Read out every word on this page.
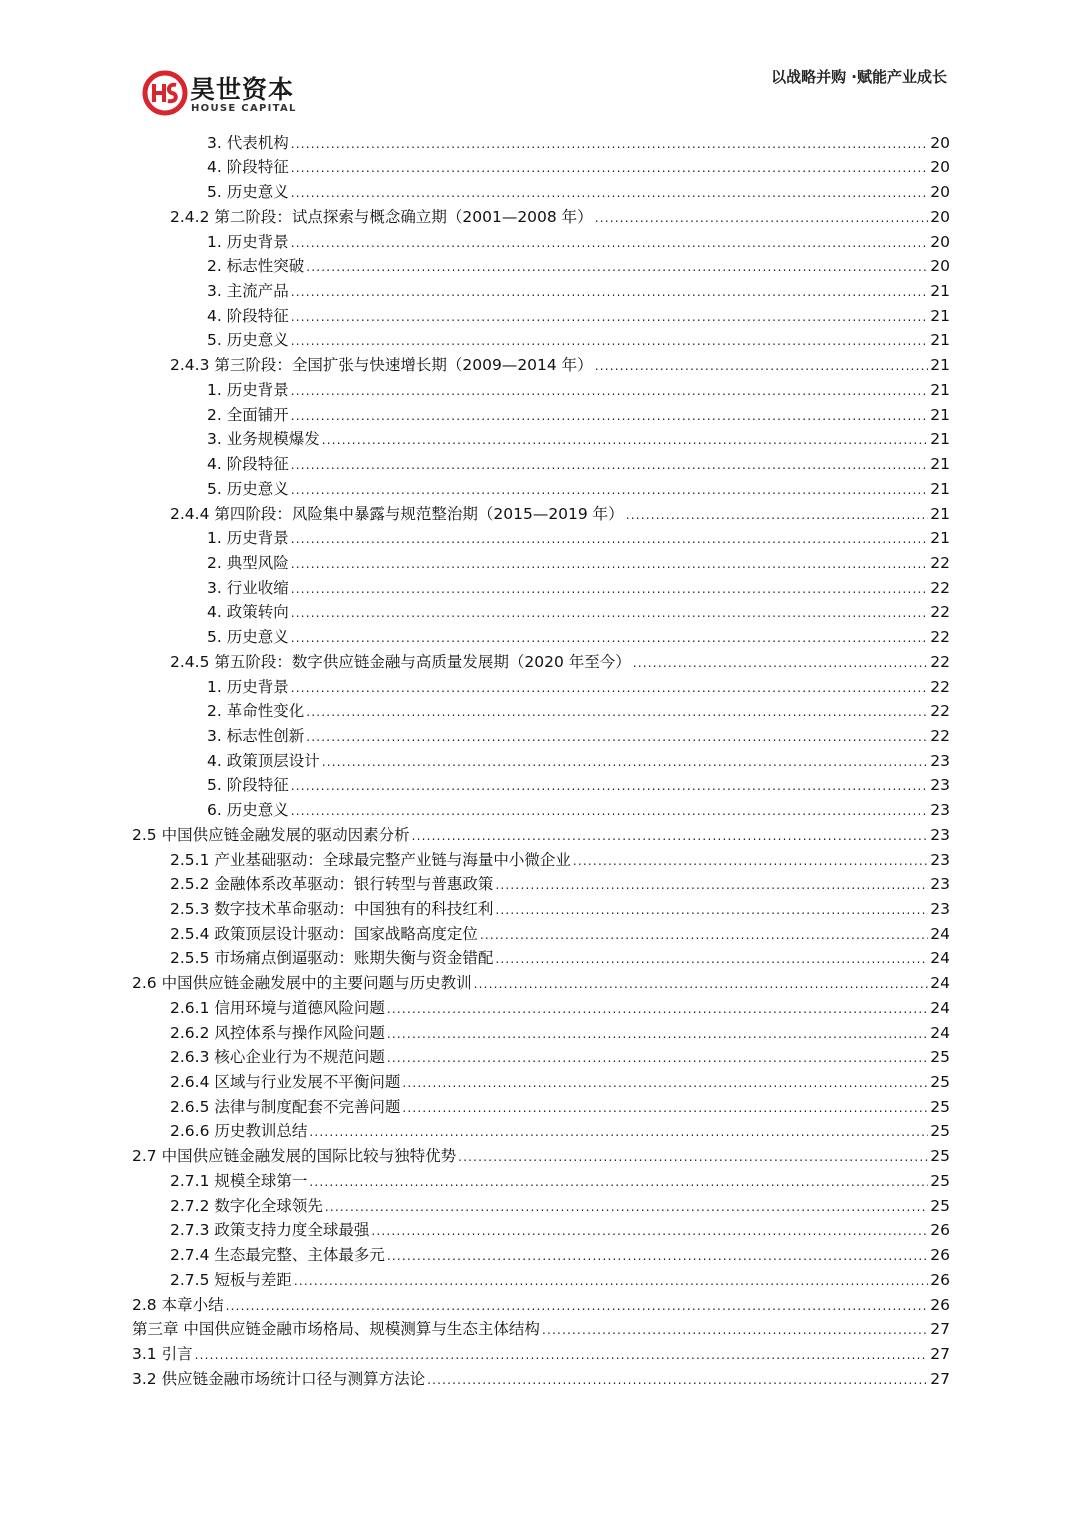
昊世资本
HOUSE CAPITAL
以战略并购 ·赋能产业成长
3. 代表机构 .....	20
4. 阶段特征 .....	20
5. 历史意义 .....	20
2.4.2 第二阶段：试点探索与概念确立期（2001—2008 年） .....	20
1. 历史背景 .....	20
2. 标志性突破 .....	20
3. 主流产品 .....	21
4. 阶段特征 .....	21
5. 历史意义 .....	21
2.4.3 第三阶段：全国扩张与快速增长期（2009—2014 年） .....	21
1. 历史背景 .....	21
2. 全面铺开 .....	21
3. 业务规模爆发 .....	21
4. 阶段特征 .....	21
5. 历史意义 .....	21
2.4.4 第四阶段：风险集中暴露与规范整治期（2015—2019 年） .....	21
1. 历史背景 .....	21
2. 典型风险 .....	22
3. 行业收缩 .....	22
4. 政策转向 .....	22
5. 历史意义 .....	22
2.4.5 第五阶段：数字供应链金融与高质量发展期（2020 年至今） .....	22
1. 历史背景 .....	22
2. 革命性变化 .....	22
3. 标志性创新 .....	22
4. 政策顶层设计 .....	23
5. 阶段特征 .....	23
6. 历史意义 .....	23
2.5 中国供应链金融发展的驱动因素分析 .....	23
2.5.1 产业基础驱动：全球最完整产业链与海量中小微企业 .....	23
2.5.2 金融体系改革驱动：银行转型与普惠政策 .....	23
2.5.3 数字技术革命驱动：中国独有的科技红利 .....	23
2.5.4 政策顶层设计驱动：国家战略高度定位 .....	24
2.5.5 市场痛点倒逼驱动：账期失衡与资金错配 .....	24
2.6 中国供应链金融发展中的主要问题与历史教训 .....	24
2.6.1 信用环境与道德风险问题 .....	24
2.6.2 风控体系与操作风险问题 .....	24
2.6.3 核心企业行为不规范问题 .....	25
2.6.4 区域与行业发展不平衡问题 .....	25
2.6.5 法律与制度配套不完善问题 .....	25
2.6.6 历史教训总结 .....	25
2.7 中国供应链金融发展的国际比较与独特优势 .....	25
2.7.1 规模全球第一 .....	25
2.7.2 数字化全球领先 .....	25
2.7.3 政策支持力度全球最强 .....	26
2.7.4 生态最完整、主体最多元 .....	26
2.7.5 短板与差距 .....	26
2.8 本章小结 .....	26
第三章 中国供应链金融市场格局、规模测算与生态主体结构 .....	27
3.1 引言 .....	27
3.2 供应链金融市场统计口径与测算方法论 .....	27
